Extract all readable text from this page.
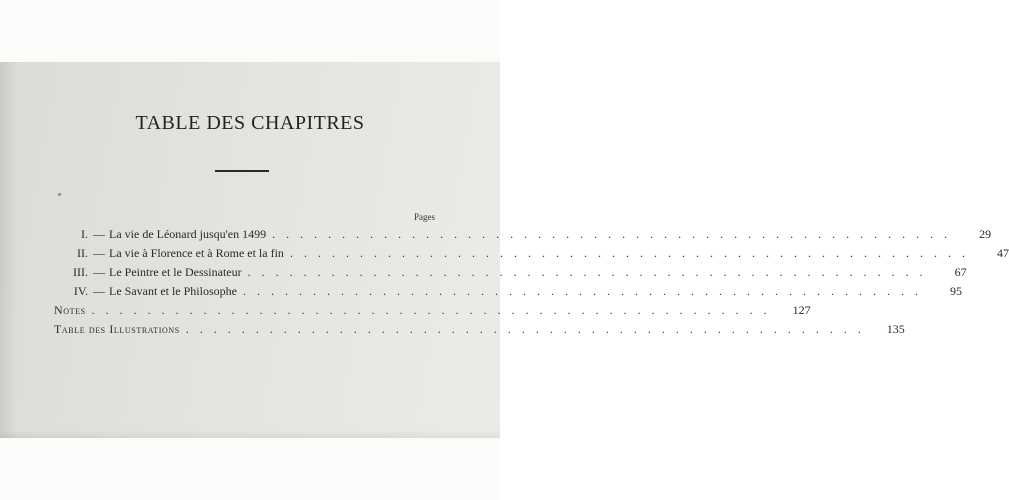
TABLE DES CHAPITRES
Pages
I. — La vie de Léonard jusqu'en 1499 . . . . . . . . . . . . . . . . . . . . . . . . . . . . . . . . . . . . . . . . . . . . . . . . .	29
II. — La vie à Florence et à Rome et la fin . . . . . . . . . . . . . . . . . . . . . . . . . . . . . . . . . . . . . . . . . . . . . . . . .	47
III. — Le Peintre et le Dessinateur . . . . . . . . . . . . . . . . . . . . . . . . . . . . . . . . . . . . . . . . . . . . . . . . .	67
IV. — Le Savant et le Philosophe . . . . . . . . . . . . . . . . . . . . . . . . . . . . . . . . . . . . . . . . . . . . . . . . .	95
Notes . . . . . . . . . . . . . . . . . . . . . . . . . . . . . . . . . . . . . . . . . . . . . . . . .	127
Table des Illustrations . . . . . . . . . . . . . . . . . . . . . . . . . . . . . . . . . . . . . . . . . . . . . . . . .	135
